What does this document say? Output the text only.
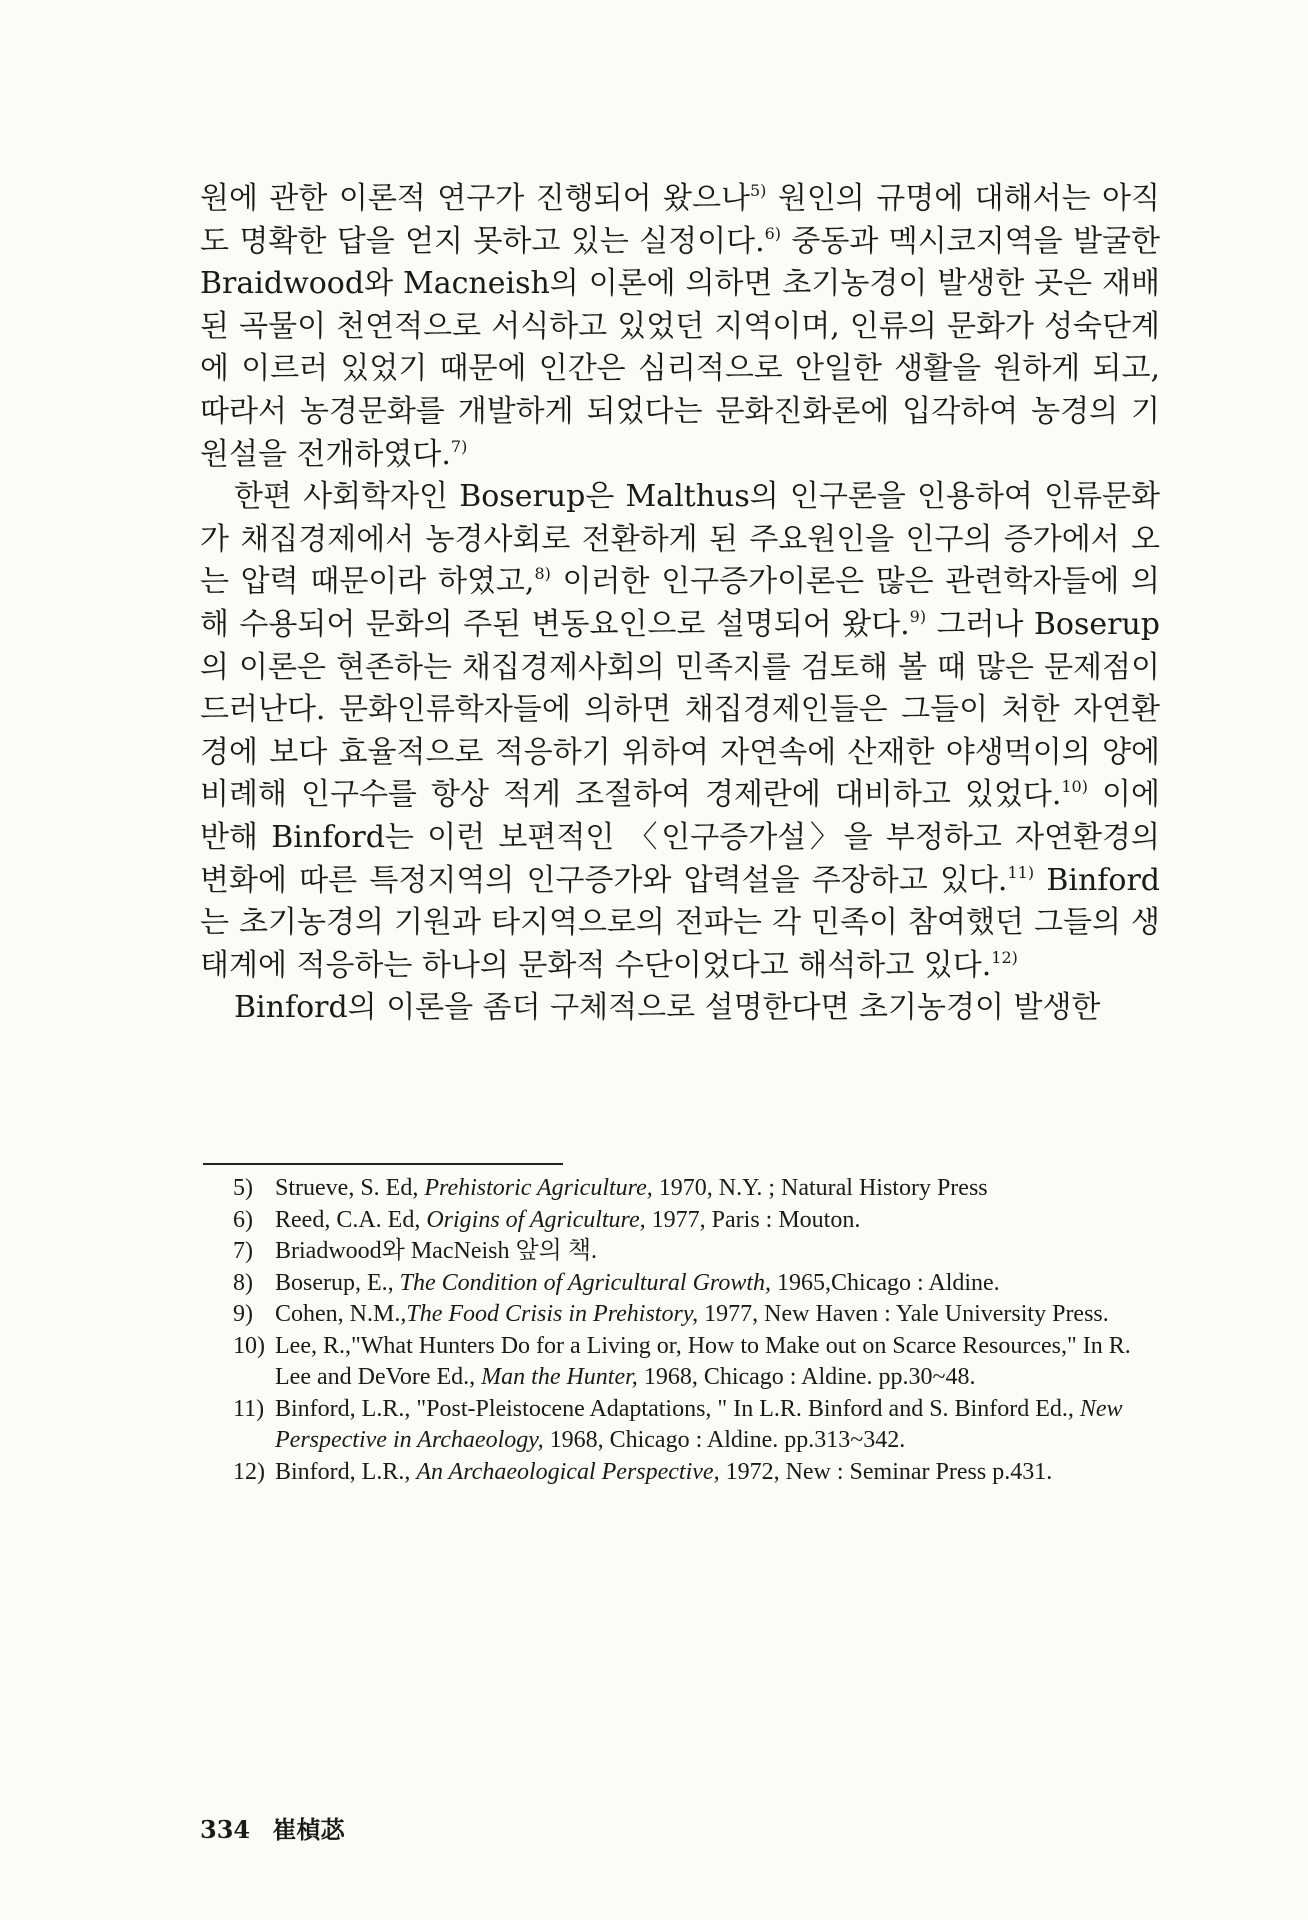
원에 관한 이론적 연구가 진행되어 왔으나$^{5)}$ 원인의 규명에 대해서는 아직도 명확한 답을 얻지 못하고 있는 실정이다.$^{6)}$ 중동과 멕시코지역을 발굴한 Braidwood와 Macneish의 이론에 의하면 초기농경이 발생한 곳은 재배된 곡물이 천연적으로 서식하고 있었던 지역이며, 인류의 문화가 성숙단계에 이르러 있었기 때문에 인간은 심리적으로 안일한 생활을 원하게 되고, 따라서 농경문화를 개발하게 되었다는 문화진화론에 입각하여 농경의 기원설을 전개하였다.$^{7)}$

한편 사회학자인 Boserup은 Malthus의 인구론을 인용하여 인류문화가 채집경제에서 농경사회로 전환하게 된 주요원인을 인구의 증가에서 오는 압력 때문이라 하였고,$^{8)}$ 이러한 인구증가이론은 많은 관련학자들에 의해 수용되어 문화의 주된 변동요인으로 설명되어 왔다.$^{9)}$ 그러나 Boserup의 이론은 현존하는 채집경제사회의 민족지를 검토해 볼 때 많은 문제점이 드러난다. 문화인류학자들에 의하면 채집경제인들은 그들이 처한 자연환경에 보다 효율적으로 적응하기 위하여 자연속에 산재한 야생먹이의 양에 비례해 인구수를 항상 적게 조절하여 경제란에 대비하고 있었다.$^{10)}$ 이에 반해 Binford는 이런 보편적인 〈인구증가설〉을 부정하고 자연환경의 변화에 따른 특정지역의 인구증가와 압력설을 주장하고 있다.$^{11)}$ Binford는 초기농경의 기원과 타지역으로의 전파는 각 민족이 참여했던 그들의 생태계에 적응하는 하나의 문화적 수단이었다고 해석하고 있다.$^{12)}$

Binford의 이론을 좀더 구체적으로 설명한다면 초기농경이 발생한

5) Strueve, S. Ed, Prehistoric Agriculture, 1970, N.Y. ; Natural History Press
6) Reed, C.A. Ed, Origins of Agriculture, 1977, Paris : Mouton.
7) Briadwood와 MacNeish 앞의 책.
8) Boserup, E., The Condition of Agricultural Growth, 1965,Chicago : Aldine.
9) Cohen, N.M.,The Food Crisis in Prehistory, 1977, New Haven : Yale University Press.
10) Lee, R.,"What Hunters Do for a Living or, How to Make out on Scarce Resources," In R. Lee and DeVore Ed., Man the Hunter, 1968, Chicago : Aldine. pp.30~48.
11) Binford, L.R., "Post-Pleistocene Adaptations, " In L.R. Binford and S. Binford Ed., New Perspective in Archaeology, 1968, Chicago : Aldine. pp.313~342.
12) Binford, L.R., An Archaeological Perspective, 1972, New : Seminar Press p.431.
334 崔楨苾
